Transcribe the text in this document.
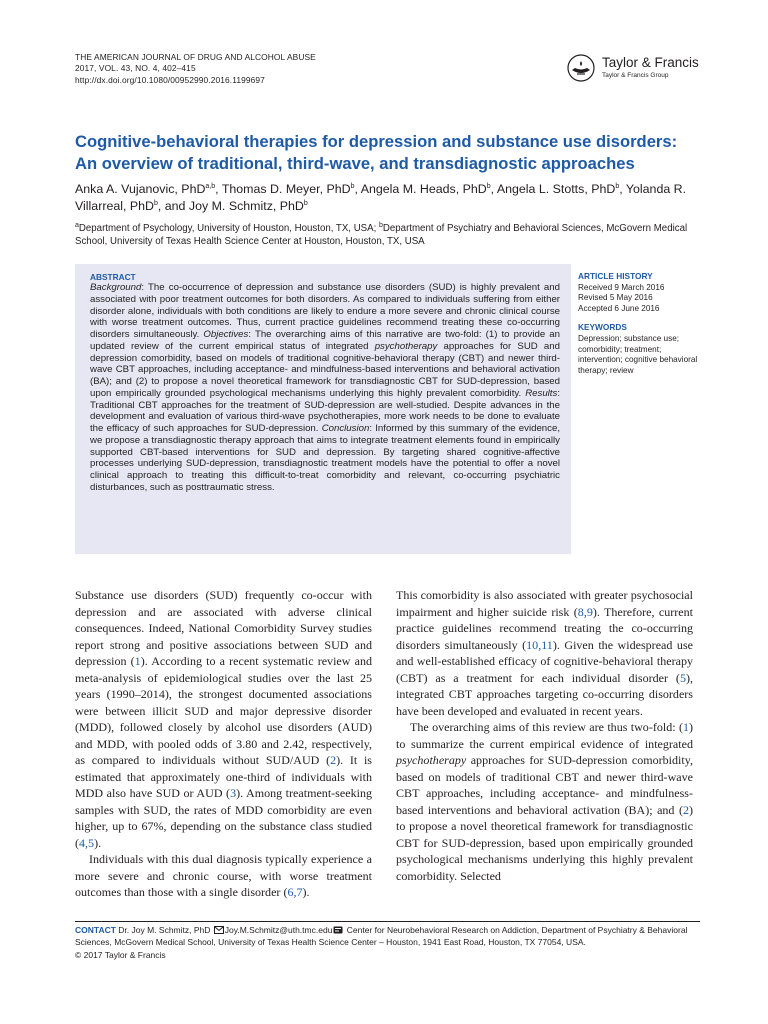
THE AMERICAN JOURNAL OF DRUG AND ALCOHOL ABUSE
2017, VOL. 43, NO. 4, 402–415
http://dx.doi.org/10.1080/00952990.2016.1199697
Taylor & Francis
Taylor & Francis Group
Cognitive-behavioral therapies for depression and substance use disorders: An overview of traditional, third-wave, and transdiagnostic approaches
Anka A. Vujanovic, PhD$^{a,b}$, Thomas D. Meyer, PhD$^b$, Angela M. Heads, PhD$^b$, Angela L. Stotts, PhD$^b$, Yolanda R. Villarreal, PhD$^b$, and Joy M. Schmitz, PhD$^b$
$^a$Department of Psychology, University of Houston, Houston, TX, USA; $^b$Department of Psychiatry and Behavioral Sciences, McGovern Medical School, University of Texas Health Science Center at Houston, Houston, TX, USA
ABSTRACT

Background: The co-occurrence of depression and substance use disorders (SUD) is highly prevalent and associated with poor treatment outcomes for both disorders. As compared to individuals suffering from either disorder alone, individuals with both conditions are likely to endure a more severe and chronic clinical course with worse treatment outcomes. Thus, current practice guidelines recommend treating these co-occurring disorders simultaneously. Objectives: The overarching aims of this narrative are two-fold: (1) to provide an updated review of the current empirical status of integrated psychotherapy approaches for SUD and depression comorbidity, based on models of traditional cognitive-behavioral therapy (CBT) and newer third-wave CBT approaches, including acceptance- and mindfulness-based interventions and behavioral activation (BA); and (2) to propose a novel theoretical framework for transdiagnostic CBT for SUD-depression, based upon empirically grounded psychological mechanisms underlying this highly prevalent comorbidity. Results: Traditional CBT approaches for the treatment of SUD-depression are well-studied. Despite advances in the development and evaluation of various third-wave psychotherapies, more work needs to be done to evaluate the efficacy of such approaches for SUD-depression. Conclusion: Informed by this summary of the evidence, we propose a transdiagnostic therapy approach that aims to integrate treatment elements found in empirically supported CBT-based interventions for SUD and depression. By targeting shared cognitive-affective processes underlying SUD-depression, transdiagnostic treatment models have the potential to offer a novel clinical approach to treating this difficult-to-treat comorbidity and relevant, co-occurring psychiatric disturbances, such as posttraumatic stress.

ARTICLE HISTORY
Received 9 March 2016
Revised 5 May 2016
Accepted 6 June 2016
KEYWORDS
Depression; substance use; comorbidity; treatment; intervention; cognitive behavioral therapy; review

Substance use disorders (SUD) frequently co-occur with depression and are associated with adverse clinical consequences. Indeed, National Comorbidity Survey studies report strong and positive associations between SUD and depression (1). According to a recent systematic review and meta-analysis of epidemiological studies over the last 25 years (1990–2014), the strongest documented associations were between illicit SUD and major depressive disorder (MDD), followed closely by alcohol use disorders (AUD) and MDD, with pooled odds of 3.80 and 2.42, respectively, as compared to individuals without SUD/AUD (2). It is estimated that approximately one-third of individuals with MDD also have SUD or AUD (3). Among treatment-seeking samples with SUD, the rates of MDD comorbidity are even higher, up to 67%, depending on the substance class studied (4,5).

Individuals with this dual diagnosis typically experience a more severe and chronic course, with worse treatment outcomes than those with a single disorder (6,7).

This comorbidity is also associated with greater psychosocial impairment and higher suicide risk (8,9). Therefore, current practice guidelines recommend treating the co-occurring disorders simultaneously (10,11). Given the widespread use and well-established efficacy of cognitive-behavioral therapy (CBT) as a treatment for each individual disorder (5), integrated CBT approaches targeting co-occurring disorders have been developed and evaluated in recent years.

The overarching aims of this review are thus two-fold: (1) to summarize the current empirical evidence of integrated psychotherapy approaches for SUD-depression comorbidity, based on models of traditional CBT and newer third-wave CBT approaches, including acceptance- and mindfulness-based interventions and behavioral activation (BA); and (2) to propose a novel theoretical framework for transdiagnostic CBT for SUD-depression, based upon empirically grounded psychological mechanisms underlying this highly prevalent comorbidity. Selected

CONTACT Dr. Joy M. Schmitz, PhD Joy.M.Schmitz@uth.tmc.edu Center for Neurobehavioral Research on Addiction, Department of Psychiatry & Behavioral Sciences, McGovern Medical School, University of Texas Health Science Center – Houston, 1941 East Road, Houston, TX 77054, USA.
© 2017 Taylor & Francis
